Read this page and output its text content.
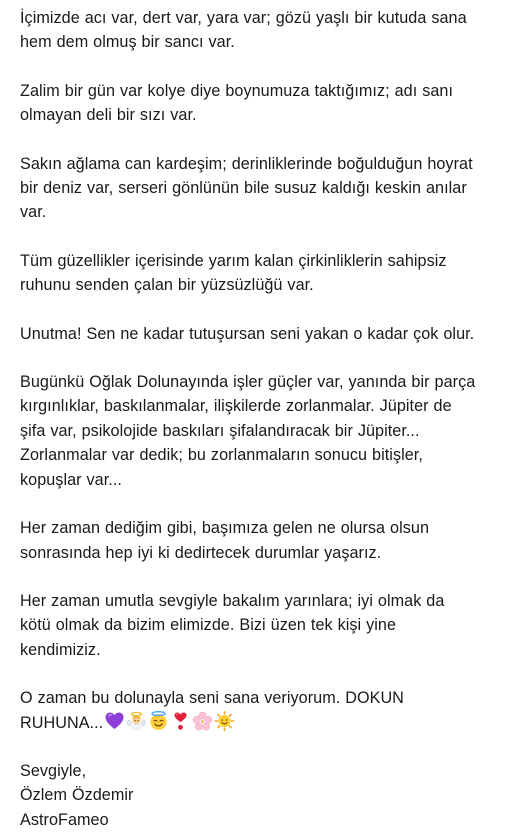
İçimizde acı var, dert var, yara var; gözü yaşlı bir kutuda sana
hem dem olmuş bir sancı var.
Zalim bir gün var kolye diye boynumuza taktığımız; adı sanı
olmayan deli bir sızı var.
Sakın ağlama can kardeşim; derinliklerinde boğulduğun hoyrat
bir deniz var, serseri gönlünün bile susuz kaldığı keskin anılar
var.
Tüm güzellikler içerisinde yarım kalan çirkinliklerin sahipsiz
ruhunu senden çalan bir yüzsüzlüğü var.
Unutma! Sen ne kadar tutuşursan seni yakan o kadar çok olur.
Bugünkü Oğlak Dolunayında işler güçler var, yanında bir parça
kırgınlıklar, baskılanmalar, ilişkilerde zorlanmalar. Jüpiter de
şifa var, psikolojide baskıları şifalandıracak bir Jüpiter...
Zorlanmalar var dedik; bu zorlanmaların sonucu bitişler,
kopuşlar var...
Her zaman dediğim gibi, başımıza gelen ne olursa olsun
sonrasında hep iyi ki dedirtecek durumlar yaşarız.
Her zaman umutla sevgiyle bakalım yarınlara; iyi olmak da
kötü olmak da bizim elimizde. Bizi üzen tek kişi yine
kendimiziz.
O zaman bu dolunayla seni sana veriyorum. DOKUN
RUHUNA...
Sevgiyle,
Özlem Özdemir
AstroFameo
